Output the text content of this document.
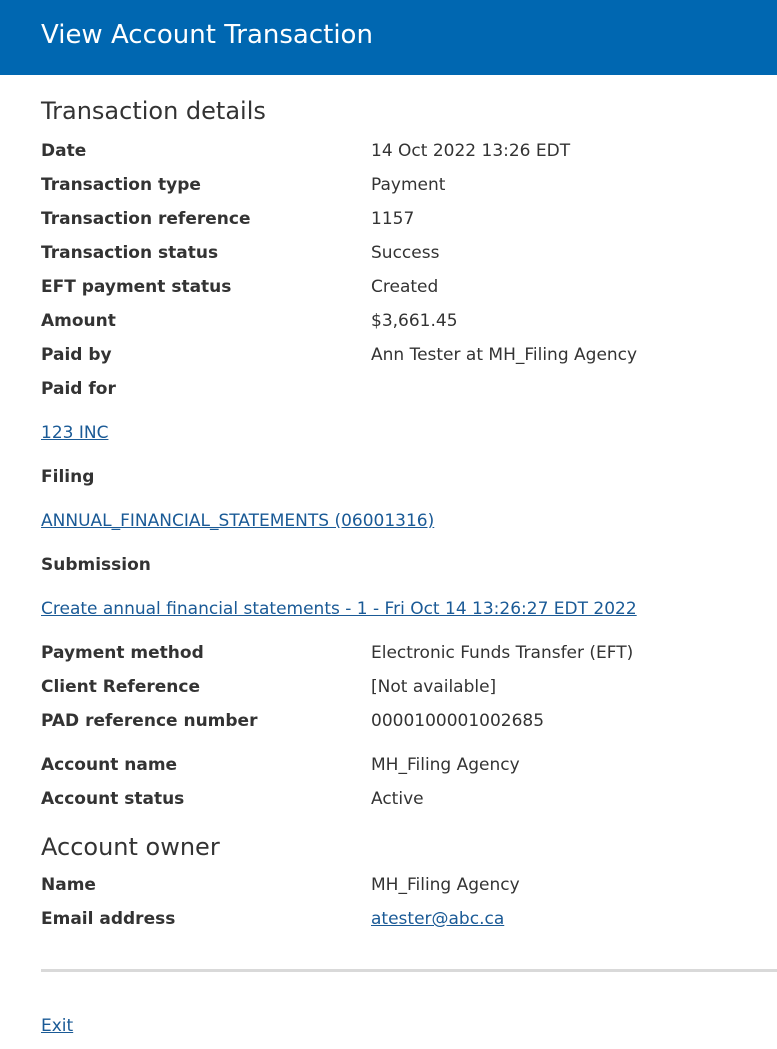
View Account Transaction
Transaction details
Date	14 Oct 2022 13:26 EDT
Transaction type	Payment
Transaction reference	1157
Transaction status	Success
EFT payment status	Created
Amount	$3,661.45
Paid by	Ann Tester at MH_Filing Agency
Paid for
123 INC
Filing
ANNUAL_FINANCIAL_STATEMENTS (06001316)
Submission
Create annual financial statements - 1 - Fri Oct 14 13:26:27 EDT 2022
Payment method	Electronic Funds Transfer (EFT)
Client Reference	[Not available]
PAD reference number	0000100001002685
Account name	MH_Filing Agency
Account status	Active
Account owner
Name	MH_Filing Agency
Email address	atester@abc.ca
Exit
